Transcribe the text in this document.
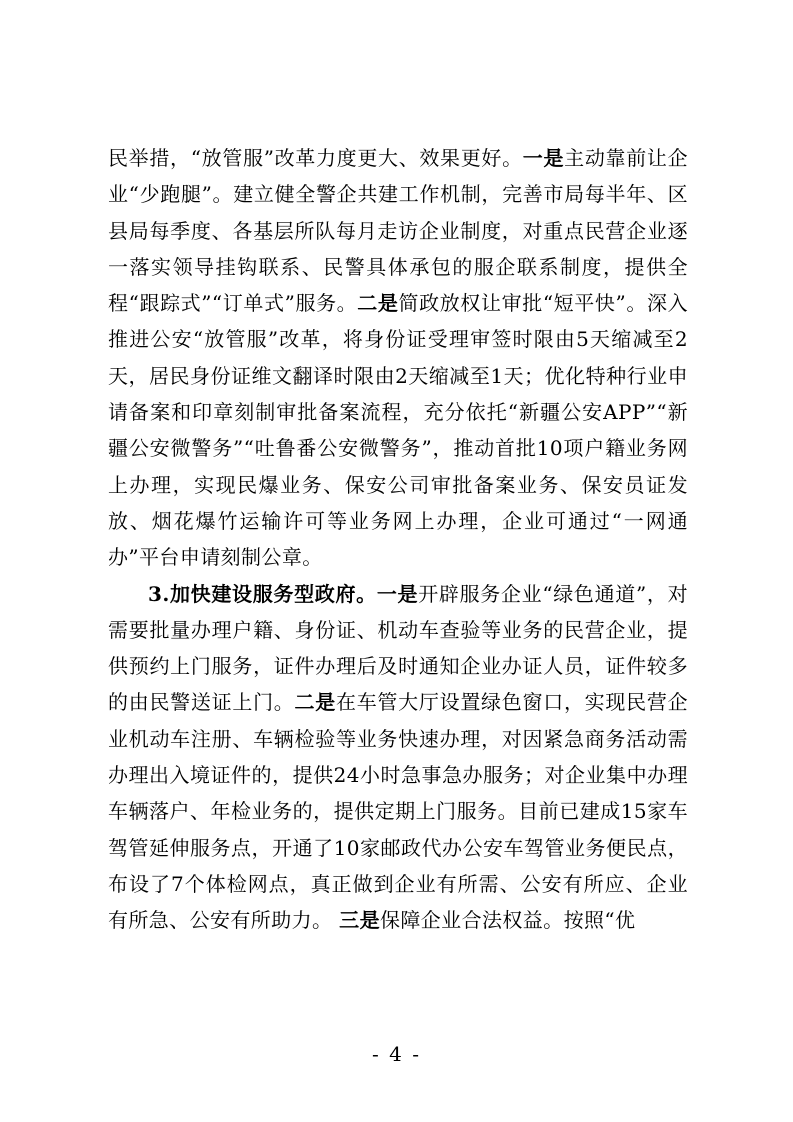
民举措，“放管服”改革力度更大、效果更好。一是主动靠前让企业“少跑腿”。建立健全警企共建工作机制，完善市局每半年、区县局每季度、各基层所队每月走访企业制度，对重点民营企业逐一落实领导挂钩联系、民警具体承包的服企联系制度，提供全程“跟踪式”“订单式”服务。二是简政放权让审批“短平快”。深入推进公安“放管服”改革，将身份证受理审签时限由5天缩减至2天，居民身份证维文翻译时限由2天缩减至1天；优化特种行业申请备案和印章刻制审批备案流程，充分依托“新疆公安APP”“新疆公安微警务”“吐鲁番公安微警务”，推动首批10项户籍业务网上办理，实现民爆业务、保安公司审批备案业务、保安员证发放、烟花爆竹运输许可等业务网上办理，企业可通过“一网通办”平台申请刻制公章。

3.加快建设服务型政府。一是开辟服务企业“绿色通道”，对需要批量办理户籍、身份证、机动车查验等业务的民营企业，提供预约上门服务，证件办理后及时通知企业办证人员，证件较多的由民警送证上门。二是在车管大厅设置绿色窗口，实现民营企业机动车注册、车辆检验等业务快速办理，对因紧急商务活动需办理出入境证件的，提供24小时急事急办服务；对企业集中办理车辆落户、年检业务的，提供定期上门服务。目前已建成15家车驾管延伸服务点，开通了10家邮政代办公安车驾管业务便民点，布设了7个体检网点，真正做到企业有所需、公安有所应、企业有所急、公安有所助力。 三是保障企业合法权益。按照“优

- 4 -
